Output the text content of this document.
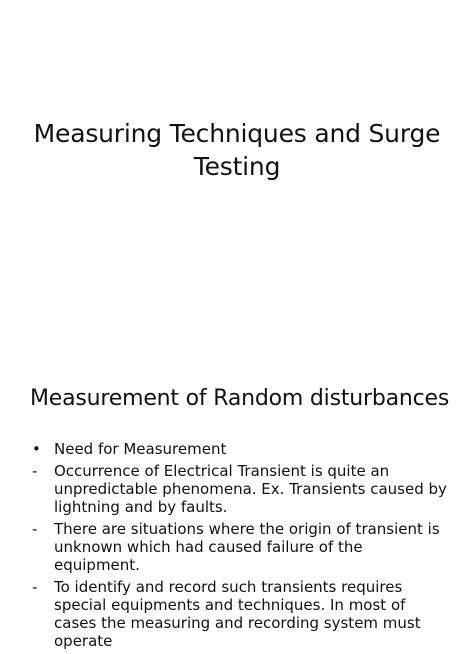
Measuring Techniques and Surge
Testing
Measurement of Random disturbances
• Need for Measurement
-	Occurrence of Electrical Transient is quite an unpredictable phenomena. Ex. Transients caused by lightning and by faults.
-	There are situations where the origin of transient is unknown which had caused failure of the equipment.
-	To identify and record such transients requires special equipments and techniques. In most of cases the measuring and recording system must operate
